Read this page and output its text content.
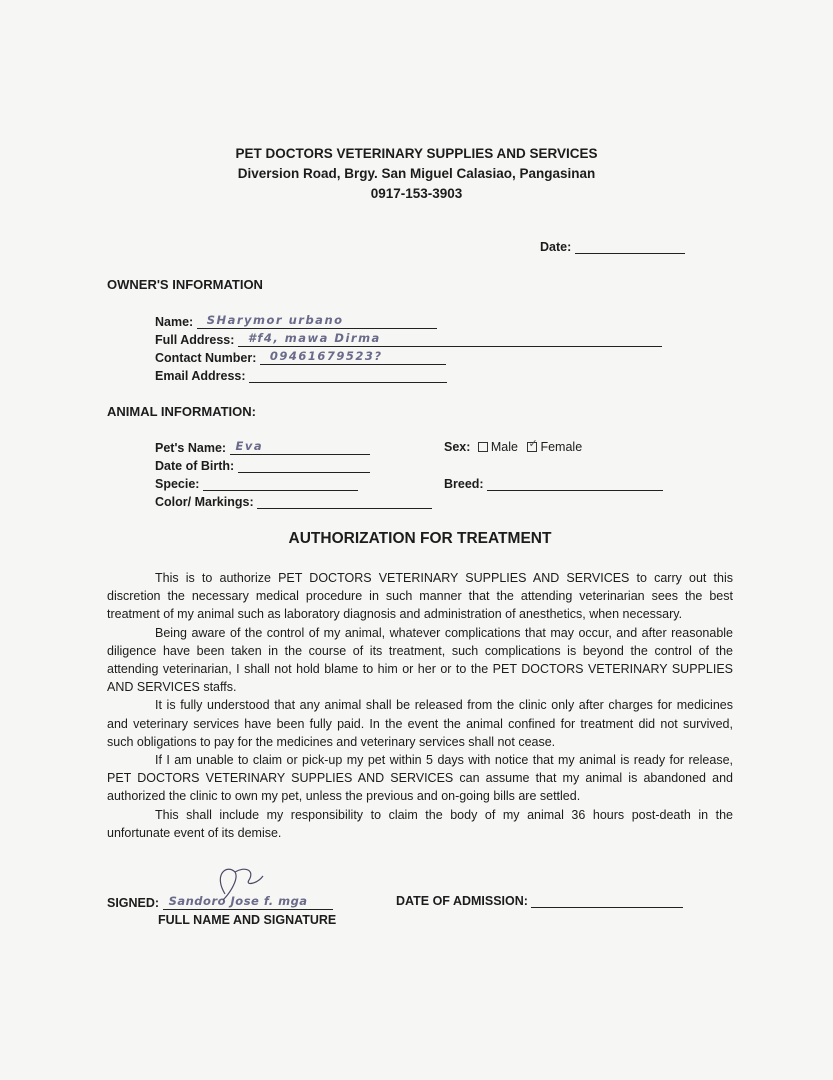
PET DOCTORS VETERINARY SUPPLIES AND SERVICES
Diversion Road, Brgy. San Miguel Calasiao, Pangasinan
0917-153-3903
Date:
OWNER'S INFORMATION
Name: SHarymor urbano
Full Address: #f4, mawa Dirma
Contact Number: 09461679523?
Email Address:
ANIMAL INFORMATION:
Pet's Name: Eva
Date of Birth:
Specie:
Color/ Markings:
Sex: Male ✓ Female
Breed:
AUTHORIZATION FOR TREATMENT

This is to authorize PET DOCTORS VETERINARY SUPPLIES AND SERVICES to carry out this discretion the necessary medical procedure in such manner that the attending veterinarian sees the best treatment of my animal such as laboratory diagnosis and administration of anesthetics, when necessary.

Being aware of the control of my animal, whatever complications that may occur, and after reasonable diligence have been taken in the course of its treatment, such complications is beyond the control of the attending veterinarian, I shall not hold blame to him or her or to the PET DOCTORS VETERINARY SUPPLIES AND SERVICES staffs.

It is fully understood that any animal shall be released from the clinic only after charges for medicines and veterinary services have been fully paid. In the event the animal confined for treatment did not survived, such obligations to pay for the medicines and veterinary services shall not cease.

If I am unable to claim or pick-up my pet within 5 days with notice that my animal is ready for release, PET DOCTORS VETERINARY SUPPLIES AND SERVICES can assume that my animal is abandoned and authorized the clinic to own my pet, unless the previous and on-going bills are settled.

This shall include my responsibility to claim the body of my animal 36 hours post-death in the unfortunate event of its demise.

SIGNED: Sandoro Jose f. mga
FULL NAME AND SIGNATURE
DATE OF ADMISSION:
